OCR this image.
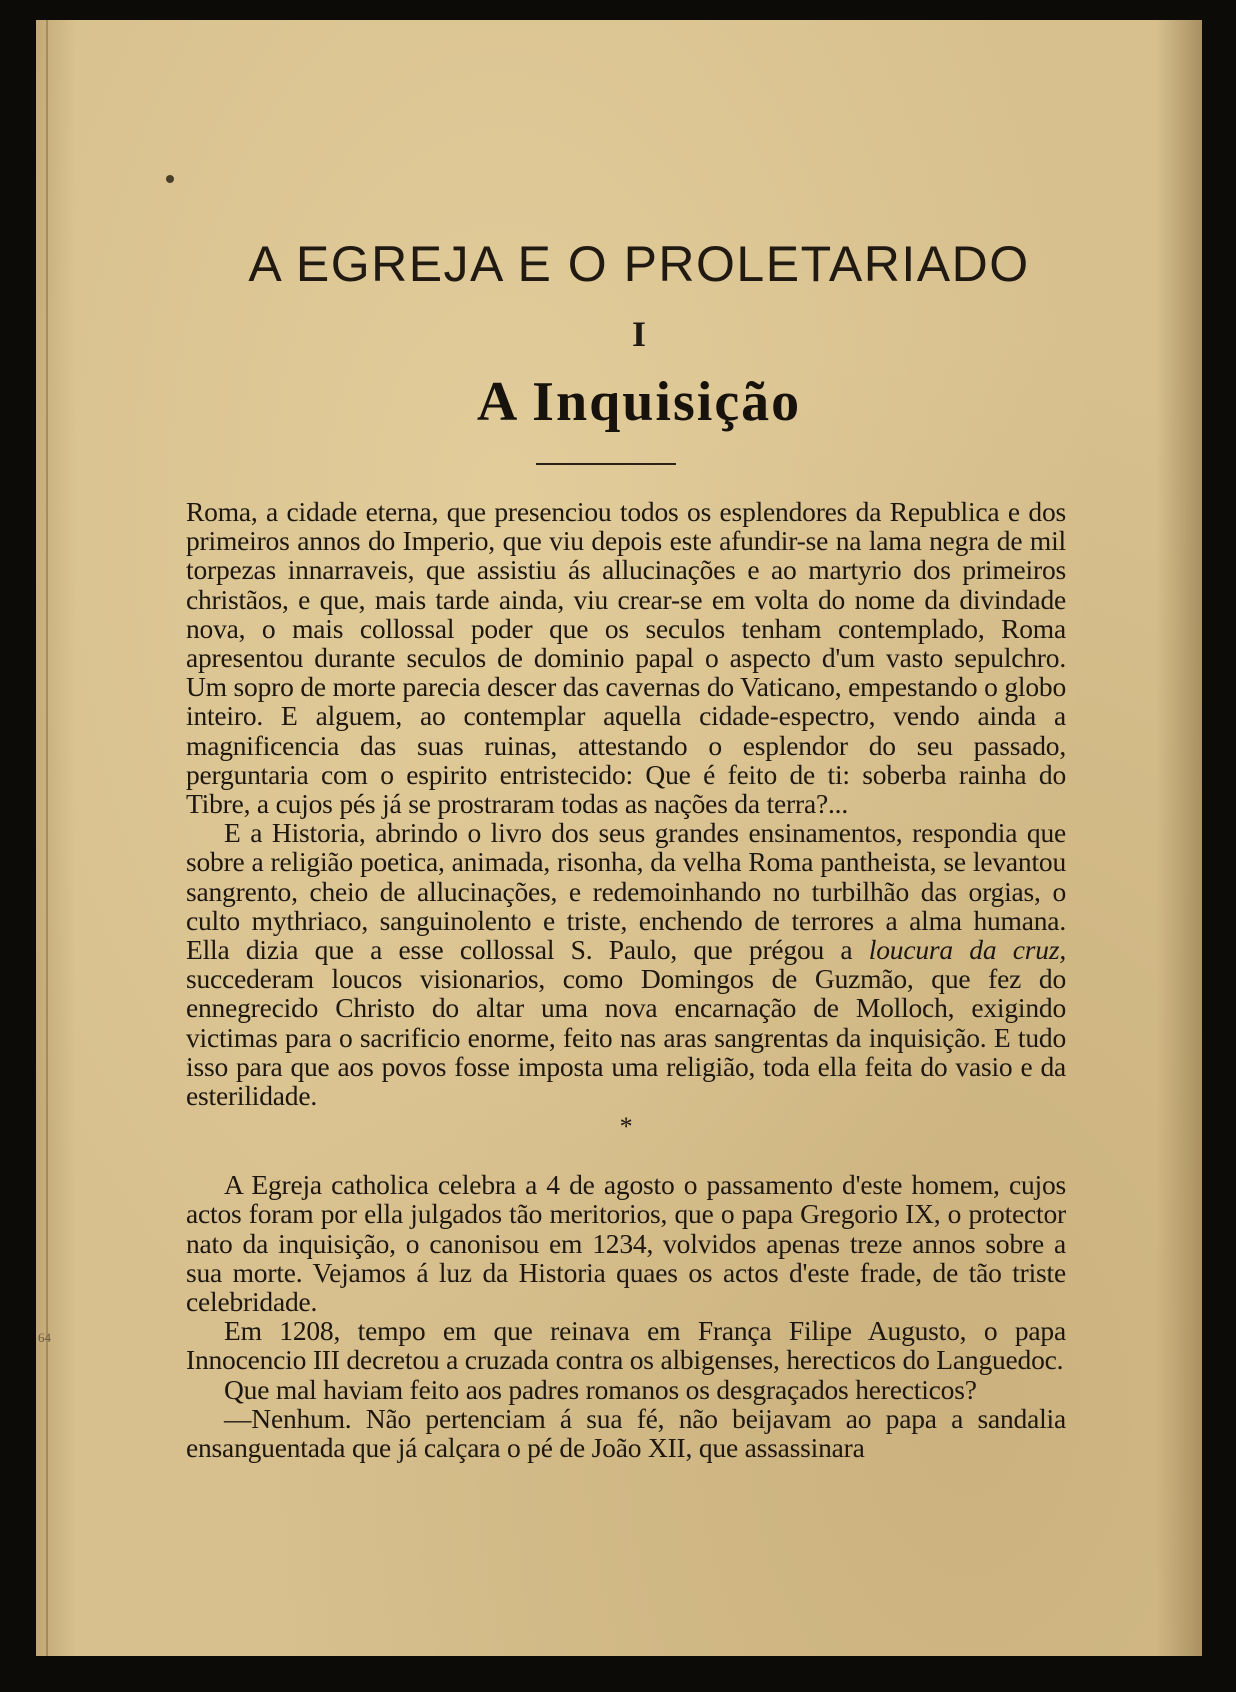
64
A EGREJA E O PROLETARIADO
I
A Inquisição

Roma, a cidade eterna, que presenciou todos os esplendores da Republica e dos primeiros annos do Imperio, que viu depois este afundir-se na lama negra de mil torpezas innarraveis, que assistiu ás allucinações e ao martyrio dos primeiros christãos, e que, mais tarde ainda, viu crear-se em volta do nome da divindade nova, o mais collossal poder que os seculos tenham contemplado, Roma apresentou durante seculos de dominio papal o aspecto d'um vasto sepulchro. Um sopro de morte parecia descer das cavernas do Vaticano, empestando o globo inteiro. E alguem, ao contemplar aquella cidade-espectro, vendo ainda a magnificencia das suas ruinas, attestando o esplendor do seu passado, perguntaria com o espirito entristecido: Que é feito de ti: soberba rainha do Tibre, a cujos pés já se prostraram todas as nações da terra?...

E a Historia, abrindo o livro dos seus grandes ensinamentos, respondia que sobre a religião poetica, animada, risonha, da velha Roma pantheista, se levantou sangrento, cheio de allucinações, e redemoinhando no turbilhão das orgias, o culto mythriaco, sanguinolento e triste, enchendo de terrores a alma humana. Ella dizia que a esse collossal S. Paulo, que prégou a loucura da cruz, succederam loucos visionarios, como Domingos de Guzmão, que fez do ennegrecido Christo do altar uma nova encarnação de Molloch, exigindo victimas para o sacrificio enorme, feito nas aras sangrentas da inquisição. E tudo isso para que aos povos fosse imposta uma religião, toda ella feita do vasio e da esterilidade.

*

A Egreja catholica celebra a 4 de agosto o passamento d'este homem, cujos actos foram por ella julgados tão meritorios, que o papa Gregorio IX, o protector nato da inquisição, o canonisou em 1234, volvidos apenas treze annos sobre a sua morte. Vejamos á luz da Historia quaes os actos d'este frade, de tão triste celebridade.

Em 1208, tempo em que reinava em França Filipe Augusto, o papa Innocencio III decretou a cruzada contra os albigenses, herecticos do Languedoc.

Que mal haviam feito aos padres romanos os desgraçados herecticos?

—Nenhum. Não pertenciam á sua fé, não beijavam ao papa a sandalia ensanguentada que já calçara o pé de João XII, que assassinara
